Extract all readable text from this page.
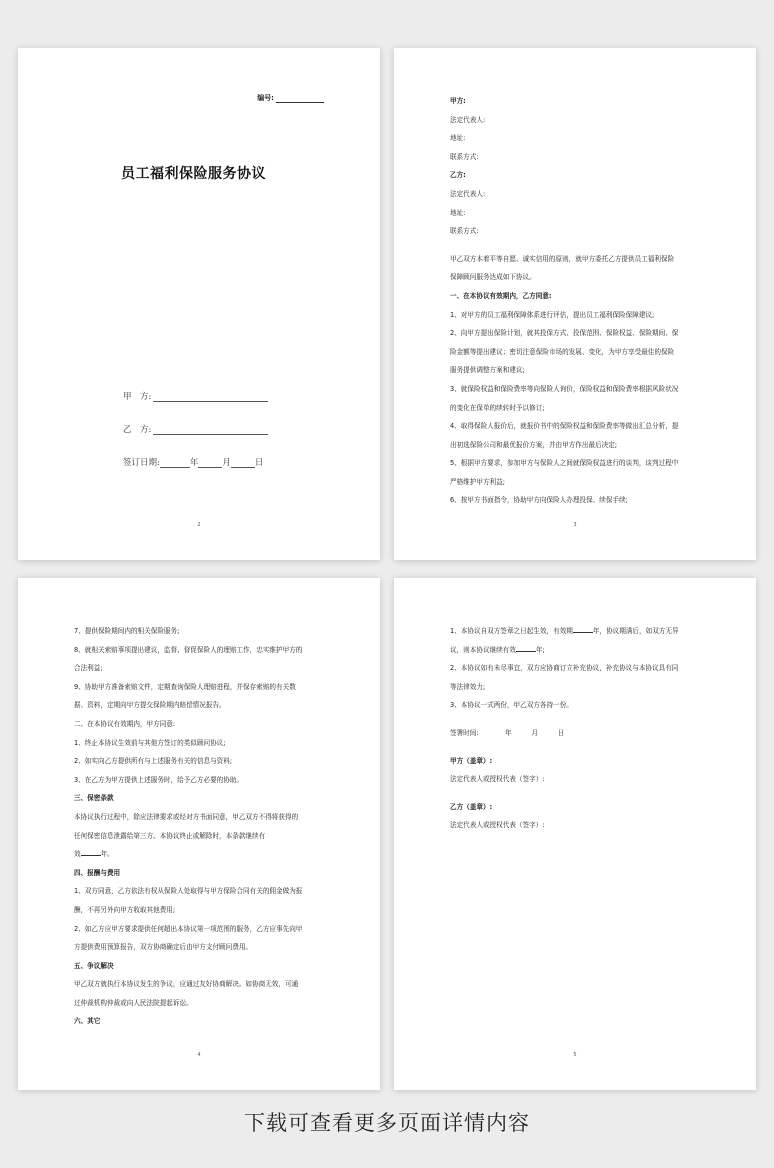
编号:
员工福利保险服务协议
甲　方:
乙　方:
签订日期:	年	月	日
2
甲方:
法定代表人:
地址:
联系方式:
乙方:
法定代表人:
地址:
联系方式:
甲乙双方本着平等自愿、诚实信用的原则，就甲方委托乙方提供员工福利保险
保障顾问服务达成如下协议。
一、在本协议有效期内，乙方同意:
1、对甲方的员工福利保障体系进行评估，提出员工福利保险保障建议;
2、向甲方提出保险计划，就其投保方式、投保范围、保险权益、保险期间、保
险金额等提出建议；密切注意保险市场的发展、变化，为甲方享受最佳的保险
服务提供调整方案和建议;
3、就保险权益和保险费率等向保险人询价，保险权益和保险费率根据风险状况
的变化在保单的续转时予以修订;
4、取得保险人报价后，就报价书中的保险权益和保险费率等做出汇总分析，提
出初选保险公司和最优报价方案，并由甲方作出最后决定;
5、根据甲方要求，参加甲方与保险人之间就保险权益进行的谈判，谈判过程中
严格维护甲方利益;
6、按甲方书面指令，协助甲方向保险人办理投保、续保手续;
3
7、提供保险期间内的相关保险服务;
8、就相关索赔事项提出建议，监督、督促保险人的理赔工作，忠实维护甲方的
合法利益;
9、协助甲方准备索赔文件，定期查询保险人理赔进程，并保存索赔的有关数
据、资料，定期向甲方提交保险期内赔偿情况报告。
二、在本协议有效期内，甲方同意:
1、终止本协议生效前与其他方签订的类似顾问协议;
2、如实向乙方提供所有与上述服务有关的信息与资料;
3、在乙方为甲方提供上述服务时，给予乙方必要的协助。
三、保密条款
本协议执行过程中，除应法律要求或经对方书面同意，甲乙双方不得将获得的
任何保密信息泄露给第三方。本协议终止或解除时，本条款继续有
效	年。
四、报酬与费用
1、双方同意，乙方依法有权从保险人处取得与甲方保险合同有关的佣金做为报
酬，不再另外向甲方收取其他费用;
2、如乙方应甲方要求提供任何超出本协议第一项范围的服务，乙方应事先向甲
方提供费用预算报告，双方协商确定后由甲方支付顾问费用。
五、争议解决
甲乙双方就执行本协议发生的争议，应通过友好协商解决。如协商无效，可通
过仲裁机构仲裁或向人民法院提起诉讼。
六、其它
4
1、本协议自双方签章之日起生效，有效期	年，协议期满后，如双方无异
议，则本协议继续有效	年;
2、本协议如有未尽事宜，双方应协商订立补充协议，补充协议与本协议具有同
等法律效力;
3、本协议一式两份，甲乙双方各持一份。
签署时间:　　　　年　　　月　　　日
甲方（盖章）:
法定代表人或授权代表（签字）:
乙方（盖章）:
法定代表人或授权代表（签字）:
5
下载可查看更多页面详情内容
